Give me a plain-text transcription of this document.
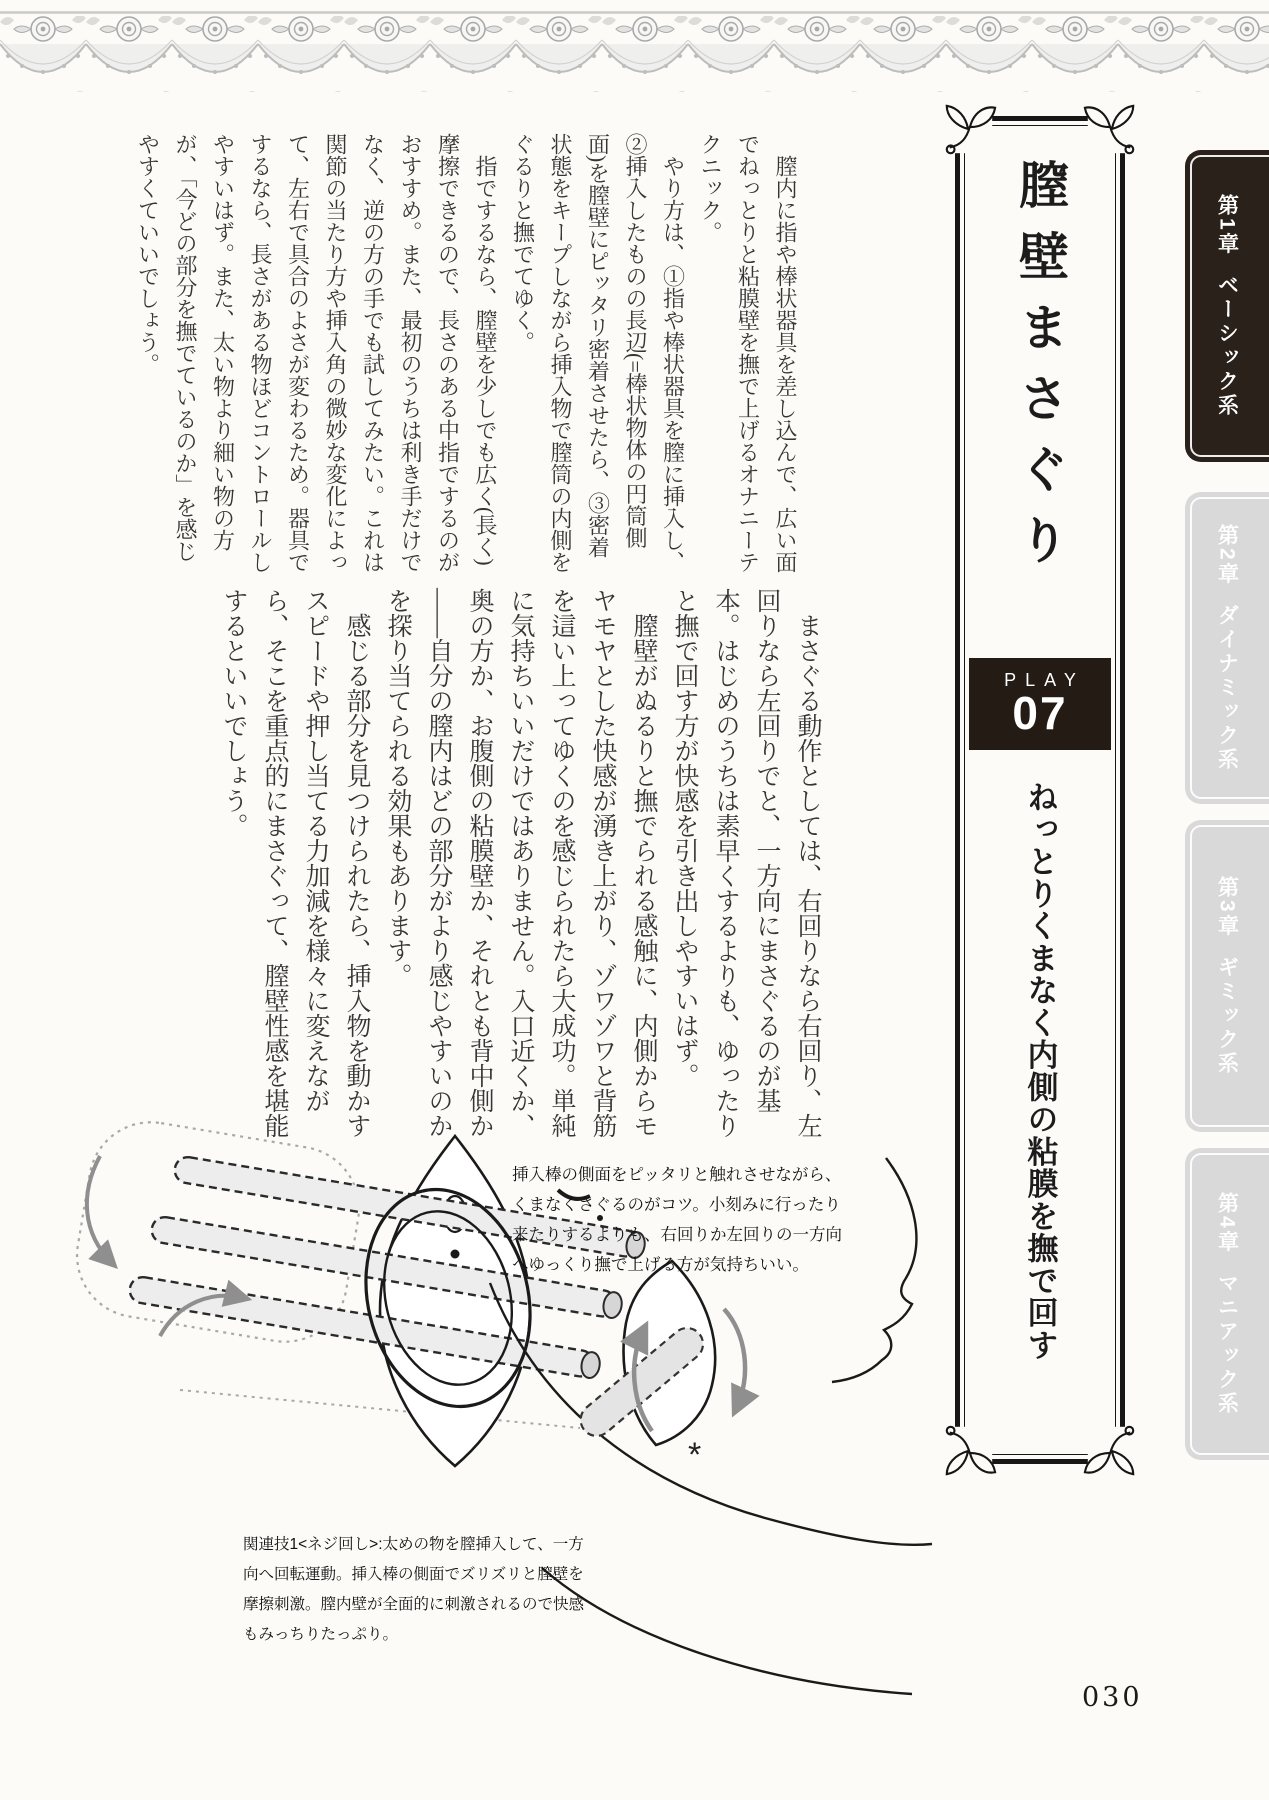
第1章ベーシック系
第2章ダイナミック系
第3章ギミック系
第4章マニアック系
膣壁まさぐり
PLAY
07
ねっとりくまなく内側の粘膜を撫で回す

膣内に指や棒状器具を差し込んで、広い面でねっとりと粘膜壁を撫で上げるオナニーテクニック。

やり方は、①指や棒状器具を膣に挿入し、②挿入したものの長辺(=棒状物体の円筒側面)を膣壁にピッタリ密着させたら、③密着状態をキープしながら挿入物で膣筒の内側をぐるりと撫でてゆく。

指でするなら、膣壁を少しでも広く(長く)摩擦できるので、長さのある中指でするのがおすすめ。また、最初のうちは利き手だけでなく、逆の方の手でも試してみたい。これは関節の当たり方や挿入角の微妙な変化によって、左右で具合のよさが変わるため。器具でするなら、長さがある物ほどコントロールしやすいはず。また、太い物より細い物の方が、「今どの部分を撫でているのか」を感じやすくていいでしょう。

まさぐる動作としては、右回りなら右回り、左回りなら左回りでと、一方向にまさぐるのが基本。はじめのうちは素早くするよりも、ゆったりと撫で回す方が快感を引き出しやすいはず。

膣壁がぬるりと撫でられる感触に、内側からモヤモヤとした快感が湧き上がり、ゾワゾワと背筋を這い上ってゆくのを感じられたら大成功。単純に気持ちいいだけではありません。入口近くか、奥の方か、お腹側の粘膜壁か、それとも背中側か――自分の膣内はどの部分がより感じやすいのかを探り当てられる効果もあります。

感じる部分を見つけられたら、挿入物を動かすスピードや押し当てる力加減を様々に変えながら、そこを重点的にまさぐって、膣壁性感を堪能するといいでしょう。

*
挿入棒の側面をピッタリと触れさせながら、くまなくさぐるのがコツ。小刻みに行ったり来たりするよりも、右回りか左回りの一方向へゆっくり撫で上げる方が気持ちいい。
関連技1<ネジ回し>:太めの物を膣挿入して、一方向へ回転運動。挿入棒の側面でズリズリと膣壁を摩擦刺激。膣内壁が全面的に刺激されるので快感もみっちりたっぷり。
030
